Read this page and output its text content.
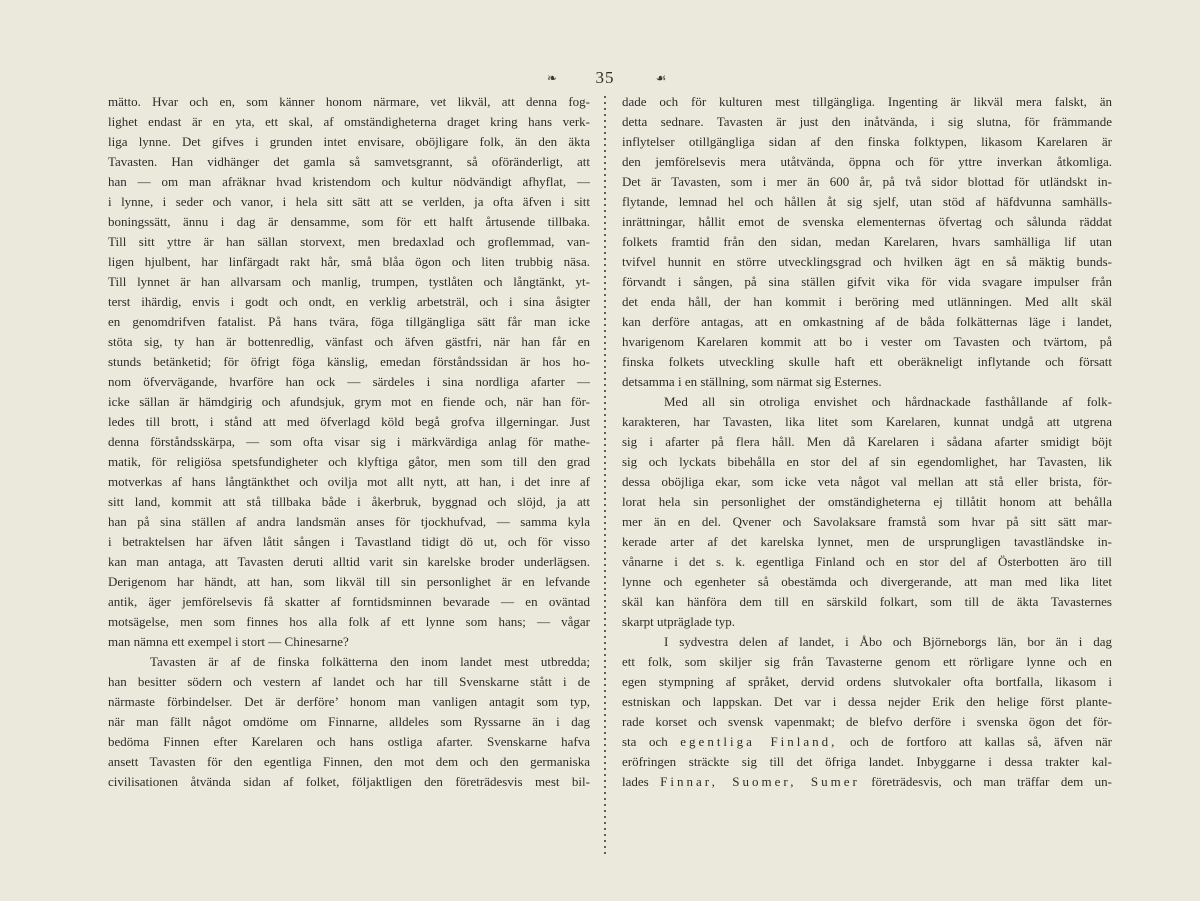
❧
35
☙
mätto. Hvar och en, som känner honom närmare, vet likväl, att denna fog-
lighet endast är en yta, ett skal, af omständigheterna draget kring hans verk-
liga lynne. Det gifves i grunden intet envisare, oböjligare folk, än den äkta
Tavasten. Han vidhänger det gamla så samvetsgrannt, så oföränderligt, att
han — om man afräknar hvad kristendom och kultur nödvändigt afhyflat, —
i lynne, i seder och vanor, i hela sitt sätt att se verlden, ja ofta äfven i sitt
boningssätt, ännu i dag är densamme, som för ett halft årtusende tillbaka.
Till sitt yttre är han sällan storvext, men bredaxlad och groflemmad, van-
ligen hjulbent, har linfärgadt rakt hår, små blåa ögon och liten trubbig näsa.
Till lynnet är han allvarsam och manlig, trumpen, tystlåten och långtänkt, yt-
terst ihärdig, envis i godt och ondt, en verklig arbetsträl, och i sina åsigter
en genomdrifven fatalist. På hans tvära, föga tillgängliga sätt får man icke
stöta sig, ty han är bottenredlig, vänfast och äfven gästfri, när han får en
stunds betänketid; för öfrigt föga känslig, emedan förståndssidan är hos ho-
nom öfvervägande, hvarföre han ock — särdeles i sina nordliga afarter —
icke sällan är hämdgirig och afundsjuk, grym mot en fiende och, när han för-
ledes till brott, i stånd att med öfverlagd köld begå grofva illgerningar. Just
denna förståndsskärpa, — som ofta visar sig i märkvärdiga anlag för mathe-
matik, för religiösa spetsfundigheter och klyftiga gåtor, men som till den grad
motverkas af hans långtänkthet och ovilja mot allt nytt, att han, i det inre af
sitt land, kommit att stå tillbaka både i åkerbruk, byggnad och slöjd, ja att
han på sina ställen af andra landsmän anses för tjockhufvad, — samma kyla
i betraktelsen har äfven låtit sången i Tavastland tidigt dö ut, och för visso
kan man antaga, att Tavasten deruti alltid varit sin karelske broder underlägsen.
Derigenom har händt, att han, som likväl till sin personlighet är en lefvande
antik, äger jemförelsevis få skatter af forntidsminnen bevarade — en oväntad
motsägelse, men som finnes hos alla folk af ett lynne som hans; — vågar
man nämna ett exempel i stort — Chinesarne?
Tavasten är af de finska folkätterna den inom landet mest utbredda;
han besitter södern och vestern af landet och har till Svenskarne stått i de
närmaste förbindelser. Det är derföre’ honom man vanligen antagit som typ,
när man fällt något omdöme om Finnarne, alldeles som Ryssarne än i dag
bedöma Finnen efter Karelaren och hans ostliga afarter. Svenskarne hafva
ansett Tavasten för den egentliga Finnen, den mot dem och den germaniska
civilisationen åtvända sidan af folket, följaktligen den företrädesvis mest bil-
dade och för kulturen mest tillgängliga. Ingenting är likväl mera falskt, än
detta sednare. Tavasten är just den inåtvända, i sig slutna, för främmande
inflytelser otillgängliga sidan af den finska folktypen, likasom Karelaren är
den jemförelsevis mera utåtvända, öppna och för yttre inverkan åtkomliga.
Det är Tavasten, som i mer än 600 år, på två sidor blottad för utländskt in-
flytande, lemnad hel och hållen åt sig sjelf, utan stöd af häfdvunna samhälls-
inrättningar, hållit emot de svenska elementernas öfvertag och sålunda räddat
folkets framtid från den sidan, medan Karelaren, hvars samhälliga lif utan
tvifvel hunnit en större utvecklingsgrad och hvilken ägt en så mäktig bunds-
förvandt i sången, på sina ställen gifvit vika för vida svagare impulser från
det enda håll, der han kommit i beröring med utlänningen. Med allt skäl
kan derföre antagas, att en omkastning af de båda folkätternas läge i landet,
hvarigenom Karelaren kommit att bo i vester om Tavasten och tvärtom, på
finska folkets utveckling skulle haft ett oberäkneligt inflytande och försatt
detsamma i en ställning, som närmat sig Esternes.
Med all sin otroliga envishet och hårdnackade fasthållande af folk-
karakteren, har Tavasten, lika litet som Karelaren, kunnat undgå att utgrena
sig i afarter på flera håll. Men då Karelaren i sådana afarter smidigt böjt
sig och lyckats bibehålla en stor del af sin egendomlighet, har Tavasten, lik
dessa oböjliga ekar, som icke veta något val mellan att stå eller brista, för-
lorat hela sin personlighet der omständigheterna ej tillåtit honom att behålla
mer än en del. Qvener och Savolaksare framstå som hvar på sitt sätt mar-
kerade arter af det karelska lynnet, men de ursprungligen tavastländske in-
vånarne i det s. k. egentliga Finland och en stor del af Österbotten äro till
lynne och egenheter så obestämda och divergerande, att man med lika litet
skäl kan hänföra dem till en särskild folkart, som till de äkta Tavasternes
skarpt utpräglade typ.
I sydvestra delen af landet, i Åbo och Björneborgs län, bor än i dag
ett folk, som skiljer sig från Tavasterne genom ett rörligare lynne och en
egen stympning af språket, dervid ordens slutvokaler ofta bortfalla, likasom i
estniskan och lappskan. Det var i dessa nejder Erik den helige först plante-
rade korset och svensk vapenmakt; de blefvo derföre i svenska ögon det för-
sta och egentliga Finland, och de fortforo att kallas så, äfven när
eröfringen sträckte sig till det öfriga landet. Inbyggarne i dessa trakter kal-
lades Finnar, Suomer, Sumer företrädesvis, och man träffar dem un-
